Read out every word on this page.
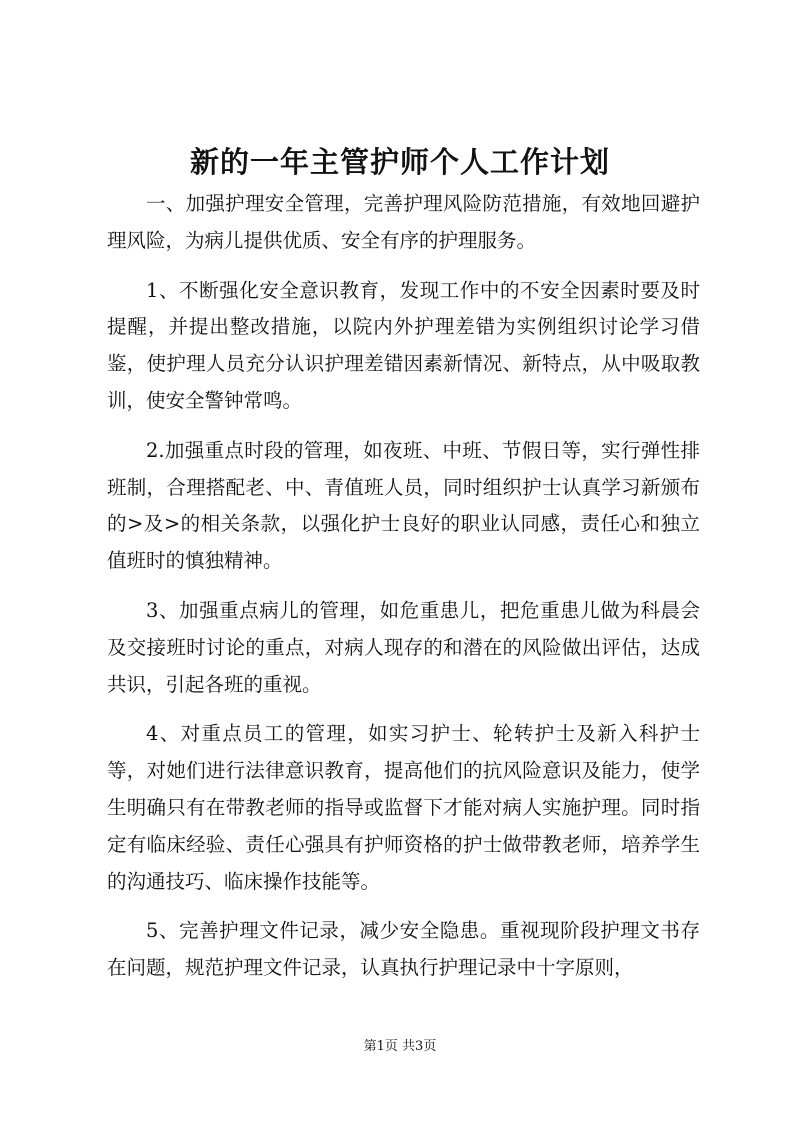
新的一年主管护师个人工作计划

一、加强护理安全管理，完善护理风险防范措施，有效地回避护理风险，为病儿提供优质、安全有序的护理服务。

1、不断强化安全意识教育，发现工作中的不安全因素时要及时提醒，并提出整改措施，以院内外护理差错为实例组织讨论学习借鉴，使护理人员充分认识护理差错因素新情况、新特点，从中吸取教训，使安全警钟常鸣。

2.加强重点时段的管理，如夜班、中班、节假日等，实行弹性排班制，合理搭配老、中、青值班人员，同时组织护士认真学习新颁布的>及>的相关条款，以强化护士良好的职业认同感，责任心和独立值班时的慎独精神。

3、加强重点病儿的管理，如危重患儿，把危重患儿做为科晨会及交接班时讨论的重点，对病人现存的和潜在的风险做出评估，达成共识，引起各班的重视。

4、对重点员工的管理，如实习护士、轮转护士及新入科护士等，对她们进行法律意识教育，提高他们的抗风险意识及能力，使学生明确只有在带教老师的指导或监督下才能对病人实施护理。同时指定有临床经验、责任心强具有护师资格的护士做带教老师，培养学生的沟通技巧、临床操作技能等。

5、完善护理文件记录，减少安全隐患。重视现阶段护理文书存在问题，规范护理文件记录，认真执行护理记录中十字原则，

第1页 共3页
